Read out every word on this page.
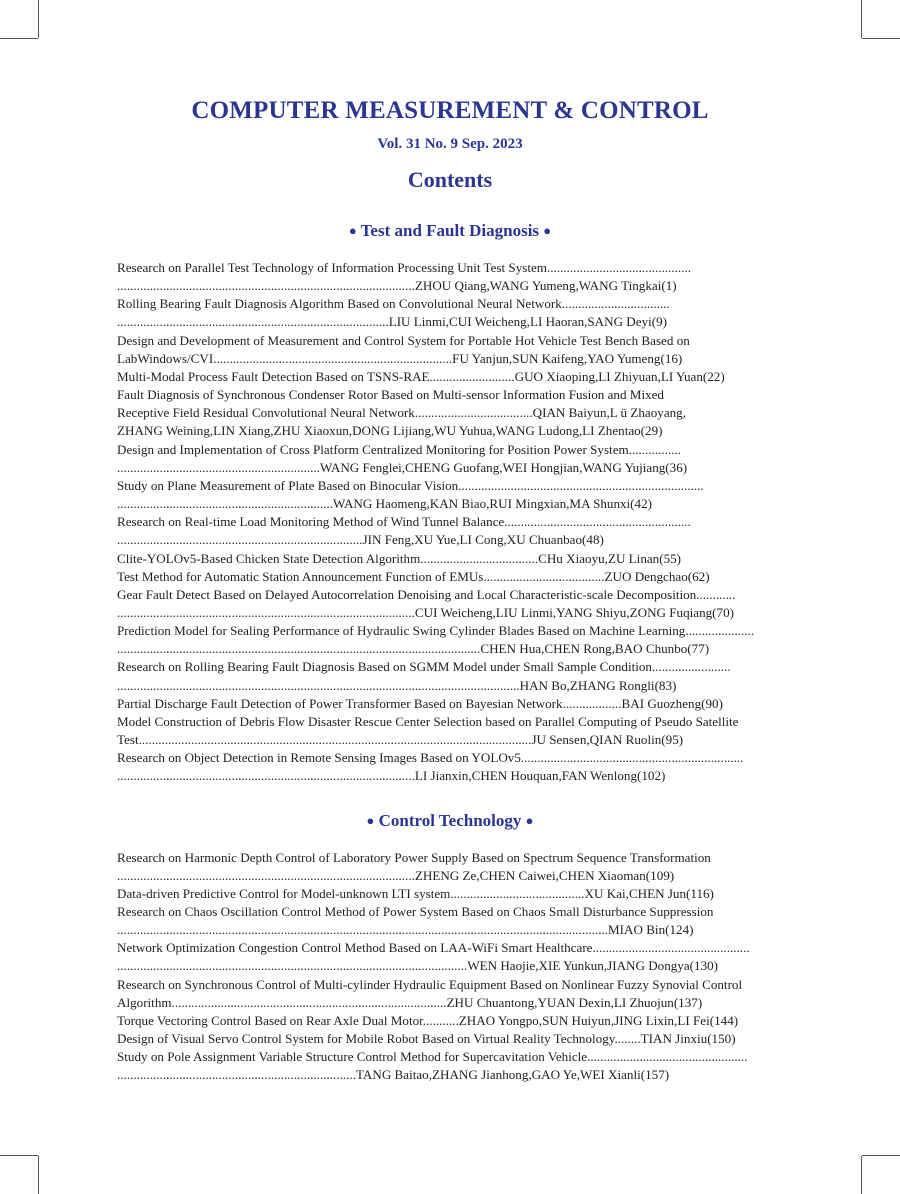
COMPUTER MEASUREMENT & CONTROL
Vol. 31 No. 9 Sep. 2023
Contents
● Test and Fault Diagnosis ●
Research on Parallel Test Technology of Information Processing Unit Test System............................................
...........................................................................................ZHOU Qiang,WANG Yumeng,WANG Tingkai(1)
Rolling Bearing Fault Diagnosis Algorithm Based on Convolutional Neural Network.................................
...................................................................................LIU Linmi,CUI Weicheng,LI Haoran,SANG Deyi(9)
Design and Development of Measurement and Control System for Portable Hot Vehicle Test Bench Based on
LabWindows/CVI.........................................................................FU Yanjun,SUN Kaifeng,YAO Yumeng(16)
Multi-Modal Process Fault Detection Based on TSNS-RAE..........................GUO Xiaoping,LI Zhiyuan,LI Yuan(22)
Fault Diagnosis of Synchronous Condenser Rotor Based on Multi-sensor Information Fusion and Mixed
Receptive Field Residual Convolutional Neural Network....................................QIAN Baiyun,L ü Zhaoyang,
ZHANG Weining,LIN Xiang,ZHU Xiaoxun,DONG Lijiang,WU Yuhua,WANG Ludong,LI Zhentao(29)
Design and Implementation of Cross Platform Centralized Monitoring for Position Power System................
..............................................................WANG Fenglei,CHENG Guofang,WEI Hongjian,WANG Yujiang(36)
Study on Plane Measurement of Plate Based on Binocular Vision...........................................................................
..................................................................WANG Haomeng,KAN Biao,RUI Mingxian,MA Shunxi(42)
Research on Real-time Load Monitoring Method of Wind Tunnel Balance.........................................................
...........................................................................JIN Feng,XU Yue,LI Cong,XU Chuanbao(48)
Clite-YOLOv5-Based Chicken State Detection Algorithm....................................CHu Xiaoyu,ZU Linan(55)
Test Method for Automatic Station Announcement Function of EMUs.....................................ZUO Dengchao(62)
Gear Fault Detect Based on Delayed Autocorrelation Denoising and Local Characteristic-scale Decomposition............
...........................................................................................CUI Weicheng,LIU Linmi,YANG Shiyu,ZONG Fuqiang(70)
Prediction Model for Sealing Performance of Hydraulic Swing Cylinder Blades Based on Machine Learning.....................
...............................................................................................................CHEN Hua,CHEN Rong,BAO Chunbo(77)
Research on Rolling Bearing Fault Diagnosis Based on SGMM Model under Small Sample Condition........................
...........................................................................................................................HAN Bo,ZHANG Rongli(83)
Partial Discharge Fault Detection of Power Transformer Based on Bayesian Network..................BAI Guozheng(90)
Model Construction of Debris Flow Disaster Rescue Center Selection based on Parallel Computing of Pseudo Satellite
Test........................................................................................................................JU Sensen,QIAN Ruolin(95)
Research on Object Detection in Remote Sensing Images Based on YOLOv5....................................................................
...........................................................................................LI Jianxin,CHEN Houquan,FAN Wenlong(102)
● Control Technology ●
Research on Harmonic Depth Control of Laboratory Power Supply Based on Spectrum Sequence Transformation
...........................................................................................ZHENG Ze,CHEN Caiwei,CHEN Xiaoman(109)
Data-driven Predictive Control for Model-unknown LTI system.........................................XU Kai,CHEN Jun(116)
Research on Chaos Oscillation Control Method of Power System Based on Chaos Small Disturbance Suppression
......................................................................................................................................................MIAO Bin(124)
Network Optimization Congestion Control Method Based on LAA-WiFi Smart Healthcare................................................
...........................................................................................................WEN Haojie,XIE Yunkun,JIANG Dongya(130)
Research on Synchronous Control of Multi-cylinder Hydraulic Equipment Based on Nonlinear Fuzzy Synovial Control
Algorithm....................................................................................ZHU Chuantong,YUAN Dexin,LI Zhuojun(137)
Torque Vectoring Control Based on Rear Axle Dual Motor...........ZHAO Yongpo,SUN Huiyun,JING Lixin,LI Fei(144)
Design of Visual Servo Control System for Mobile Robot Based on Virtual Reality Technology........TIAN Jinxiu(150)
Study on Pole Assignment Variable Structure Control Method for Supercavitation Vehicle.................................................
.........................................................................TANG Baitao,ZHANG Jianhong,GAO Ye,WEI Xianli(157)
